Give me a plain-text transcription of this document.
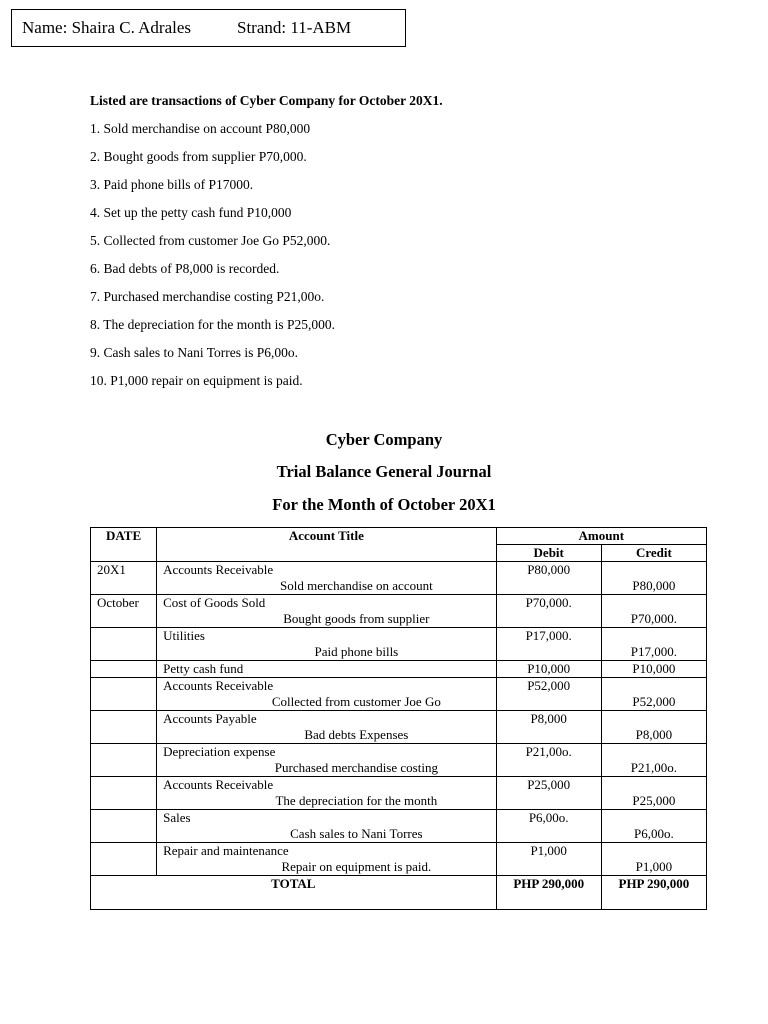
Name: Shaira C. Adrales	Strand: 11-ABM
Listed are transactions of Cyber Company for October 20X1.
1. Sold merchandise on account P80,000
2. Bought goods from supplier P70,000.
3. Paid phone bills of P17000.
4. Set up the petty cash fund P10,000
5. Collected from customer Joe Go P52,000.
6. Bad debts of P8,000 is recorded.
7. Purchased merchandise costing P21,00o.
8. The depreciation for the month is P25,000.
9. Cash sales to Nani Torres is P6,00o.
10. P1,000 repair on equipment is paid.
Cyber Company
Trial Balance General Journal
For the Month of October 20X1
DATE	Account Title	Amount	
		Debit	Credit
20X1	Accounts Receivable
Sold merchandise on account	P80,000	P80,000
October	Cost of Goods Sold
Bought goods from supplier	P70,000.	P70,000.

	Utilities
Paid phone bills	P17,000.	P17,000.

	Petty cash fund	P10,000	P10,000

	Accounts Receivable
Collected from customer Joe Go	P52,000	P52,000

	Accounts Payable
Bad debts Expenses	P8,000	P8,000

	Depreciation expense
Purchased merchandise costing	P21,00o.	P21,00o.

	Accounts Receivable
The depreciation for the month	P25,000	P25,000

	Sales
Cash sales to Nani Torres	P6,00o.	P6,00o.

	Repair and maintenance
Repair on equipment is paid.	P1,000	P1,000
TOTAL		PHP 290,000	PHP 290,000
